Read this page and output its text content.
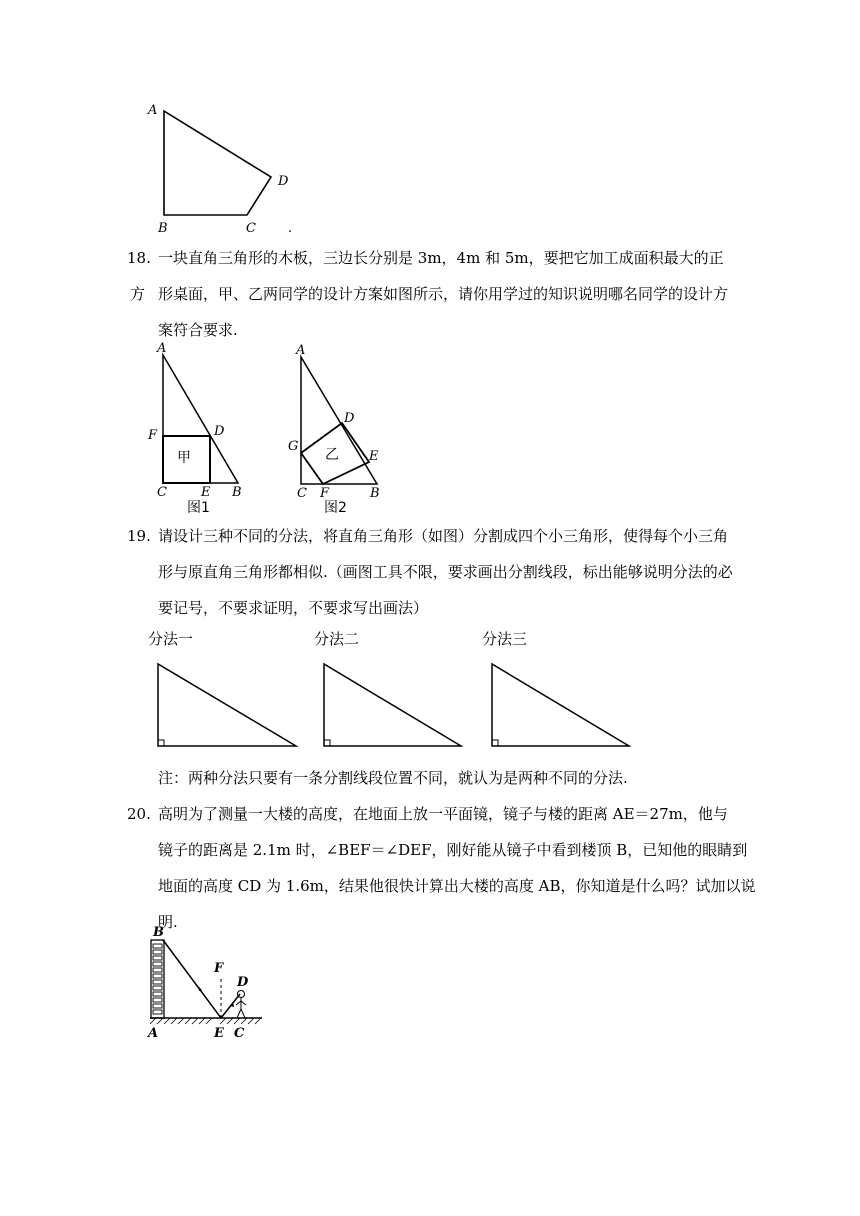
A
D
B	C .

18. 一块直角三角形的木板，三边长分别是 3m，4m 和 5m，要把它加工成面积最大的正方 形桌面，甲、乙两同学的设计方案如图所示，请你用学过的知识说明哪名同学的设计方

案符合要求.

A
F	D
甲
C	E B
图1
A
D
G
乙 E
C F	B
图2

19. 请设计三种不同的分法，将直角三角形（如图）分割成四个小三角形，使得每个小三角

形与原直角三角形都相似.（画图工具不限，要求画出分割线段，标出能够说明分法的必

要记号，不要求证明，不要求写出画法）

分法一	分法二	分法三

注：两种分法只要有一条分割线段位置不同，就认为是两种不同的分法.

20. 高明为了测量一大楼的高度，在地面上放一平面镜，镜子与楼的距离 AE＝27m，他与

镜子的距离是 2.1m 时，∠BEF＝∠DEF，刚好能从镜子中看到楼顶 B，已知他的眼睛到

地面的高度 CD 为 1.6m，结果他很快计算出大楼的高度 AB，你知道是什么吗？试加以说

明.

B
F
D
A	E C
